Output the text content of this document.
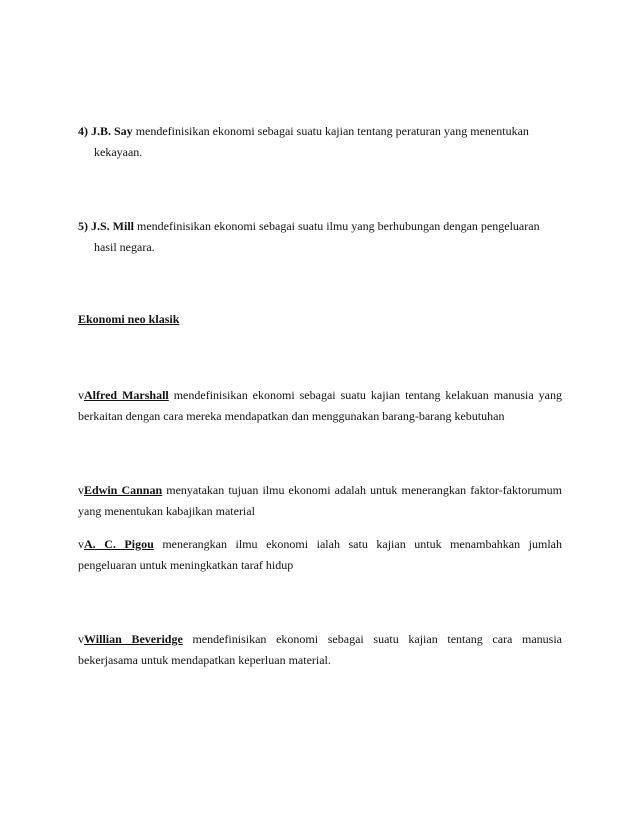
4) J.B. Say mendefinisikan ekonomi sebagai suatu kajian tentang peraturan yang menentukan
kekayaan.
5) J.S. Mill mendefinisikan ekonomi sebagai suatu ilmu yang berhubungan dengan pengeluaran
hasil negara.
Ekonomi neo klasik
vAlfred Marshall mendefinisikan ekonomi sebagai suatu kajian tentang kelakuan manusia yang berkaitan dengan cara mereka mendapatkan dan menggunakan barang-barang kebutuhan
vEdwin Cannan menyatakan tujuan ilmu ekonomi adalah untuk menerangkan faktor-faktorumum yang menentukan kabajikan material
vA. C. Pigou menerangkan ilmu ekonomi ialah satu kajian untuk menambahkan jumlah pengeluaran untuk meningkatkan taraf hidup
vWillian Beveridge mendefinisikan ekonomi sebagai suatu kajian tentang cara manusia bekerjasama untuk mendapatkan keperluan material.
